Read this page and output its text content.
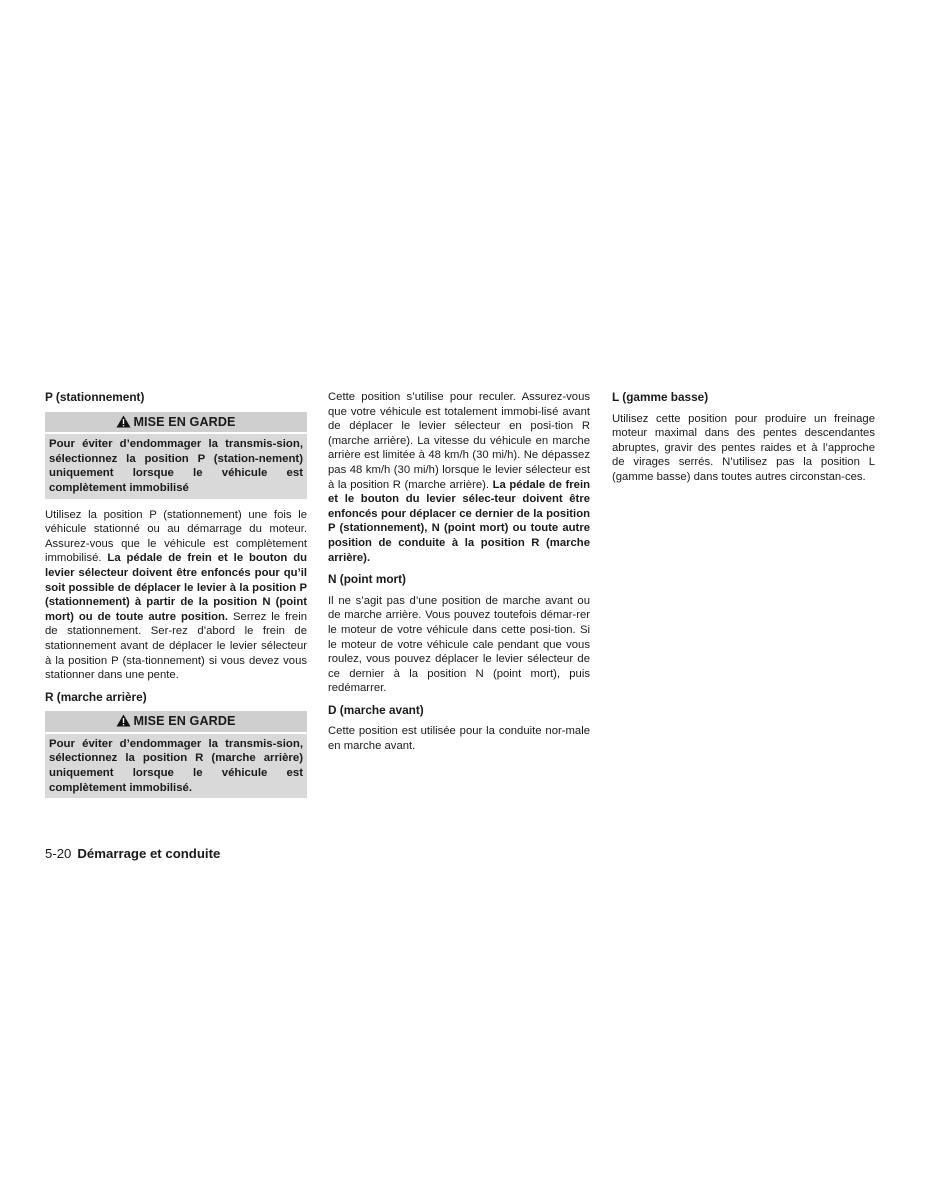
P (stationnement)
MISE EN GARDE
Pour éviter d’endommager la transmis-sion, sélectionnez la position P (station-nement) uniquement lorsque le véhicule est complètement immobilisé

Utilisez la position P (stationnement) une fois le véhicule stationné ou au démarrage du moteur. Assurez-vous que le véhicule est complètement immobilisé. La pédale de frein et le bouton du levier sélecteur doivent être enfoncés pour qu’il soit possible de déplacer le levier à la position P (stationnement) à partir de la position N (point mort) ou de toute autre position. Serrez le frein de stationnement. Ser-rez d’abord le frein de stationnement avant de déplacer le levier sélecteur à la position P (sta-tionnement) si vous devez vous stationner dans une pente.

R (marche arrière)
MISE EN GARDE
Pour éviter d’endommager la transmis-sion, sélectionnez la position R (marche arrière) uniquement lorsque le véhicule est complètement immobilisé.

Cette position s’utilise pour reculer. Assurez-vous que votre véhicule est totalement immobi-lisé avant de déplacer le levier sélecteur en posi-tion R (marche arrière). La vitesse du véhicule en marche arrière est limitée à 48 km/h (30 mi/h). Ne dépassez pas 48 km/h (30 mi/h) lorsque le levier sélecteur est à la position R (marche arrière). La pédale de frein et le bouton du levier sélec-teur doivent être enfoncés pour déplacer ce dernier de la position P (stationnement), N (point mort) ou toute autre position de conduite à la position R (marche arrière).

N (point mort)

Il ne s’agit pas d’une position de marche avant ou de marche arrière. Vous pouvez toutefois démar-rer le moteur de votre véhicule dans cette posi-tion. Si le moteur de votre véhicule cale pendant que vous roulez, vous pouvez déplacer le levier sélecteur de ce dernier à la position N (point mort), puis redémarrer.

D (marche avant)

Cette position est utilisée pour la conduite nor-male en marche avant.

L (gamme basse)

Utilisez cette position pour produire un freinage moteur maximal dans des pentes descendantes abruptes, gravir des pentes raides et à l’approche de virages serrés. N’utilisez pas la position L (gamme basse) dans toutes autres circonstan-ces.

5-20 Démarrage et conduite
